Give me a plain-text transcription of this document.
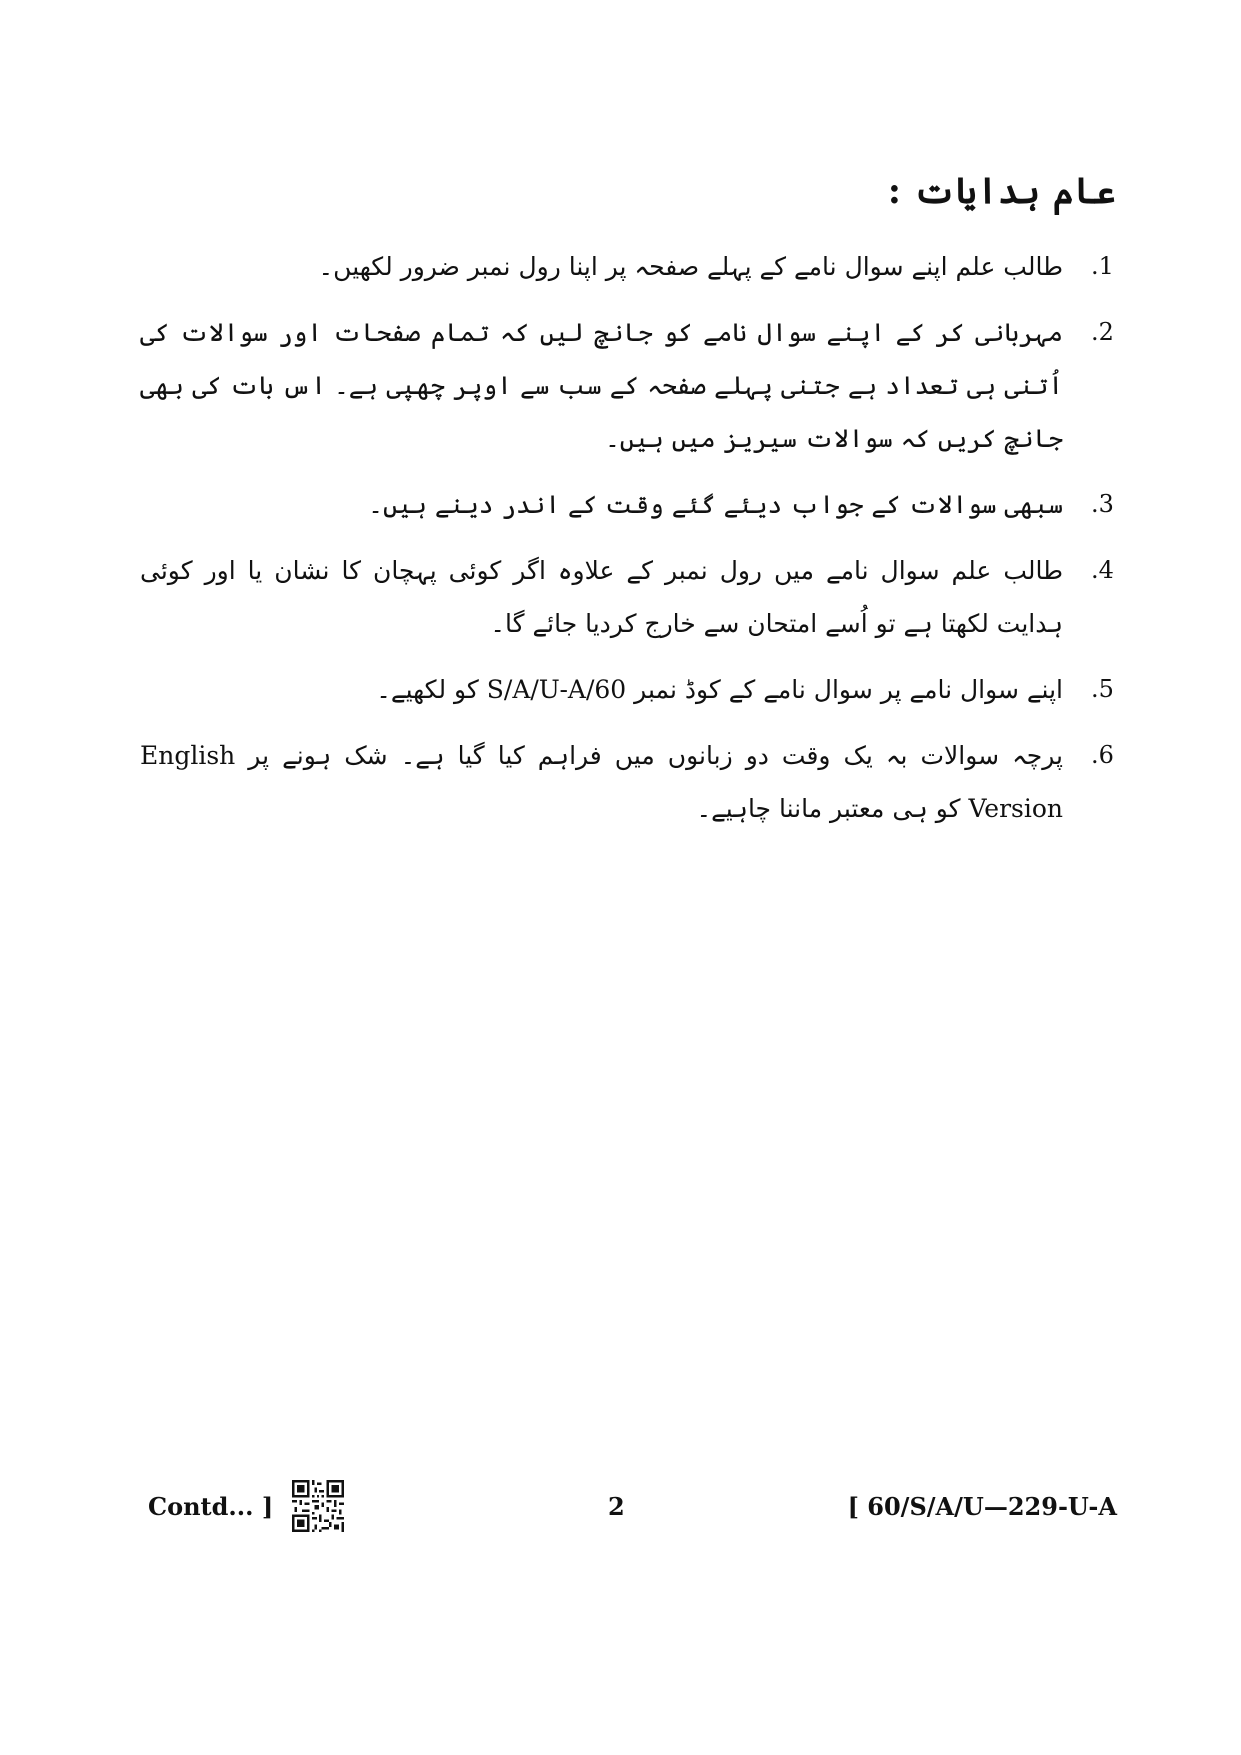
عام ہدایات :
.1
طالب علم اپنے سوال نامے کے پہلے صفحہ پر اپنا رول نمبر ضرور لکھیں۔
.2
مہربانی کر کے اپنے سوال نامے کو جانچ لیں کہ تمام صفحات اور سوالات کی اُتنی ہی تعداد ہے جتنی پہلے صفحہ کے سب سے اوپر چھپی ہے۔ اس بات کی بھی جانچ کریں کہ سوالات سیریز میں ہیں۔
.3
سبھی سوالات کے جواب دیئے گئے وقت کے اندر دینے ہیں۔
.4
طالب علم سوال نامے میں رول نمبر کے علاوہ اگر کوئی پہچان کا نشان یا اور کوئی ہدایت لکھتا ہے تو اُسے امتحان سے خارج کردیا جائے گا۔
.5
اپنے سوال نامے پر سوال نامے کے کوڈ نمبر 60/S/A/U-A کو لکھیے۔
.6
پرچہ سوالات بہ یک وقت دو زبانوں میں فراہم کیا گیا ہے۔ شک ہونے پر English Version کو ہی معتبر ماننا چاہیے۔
Contd... ]	2	[ 60/S/A/U—229-U-A
